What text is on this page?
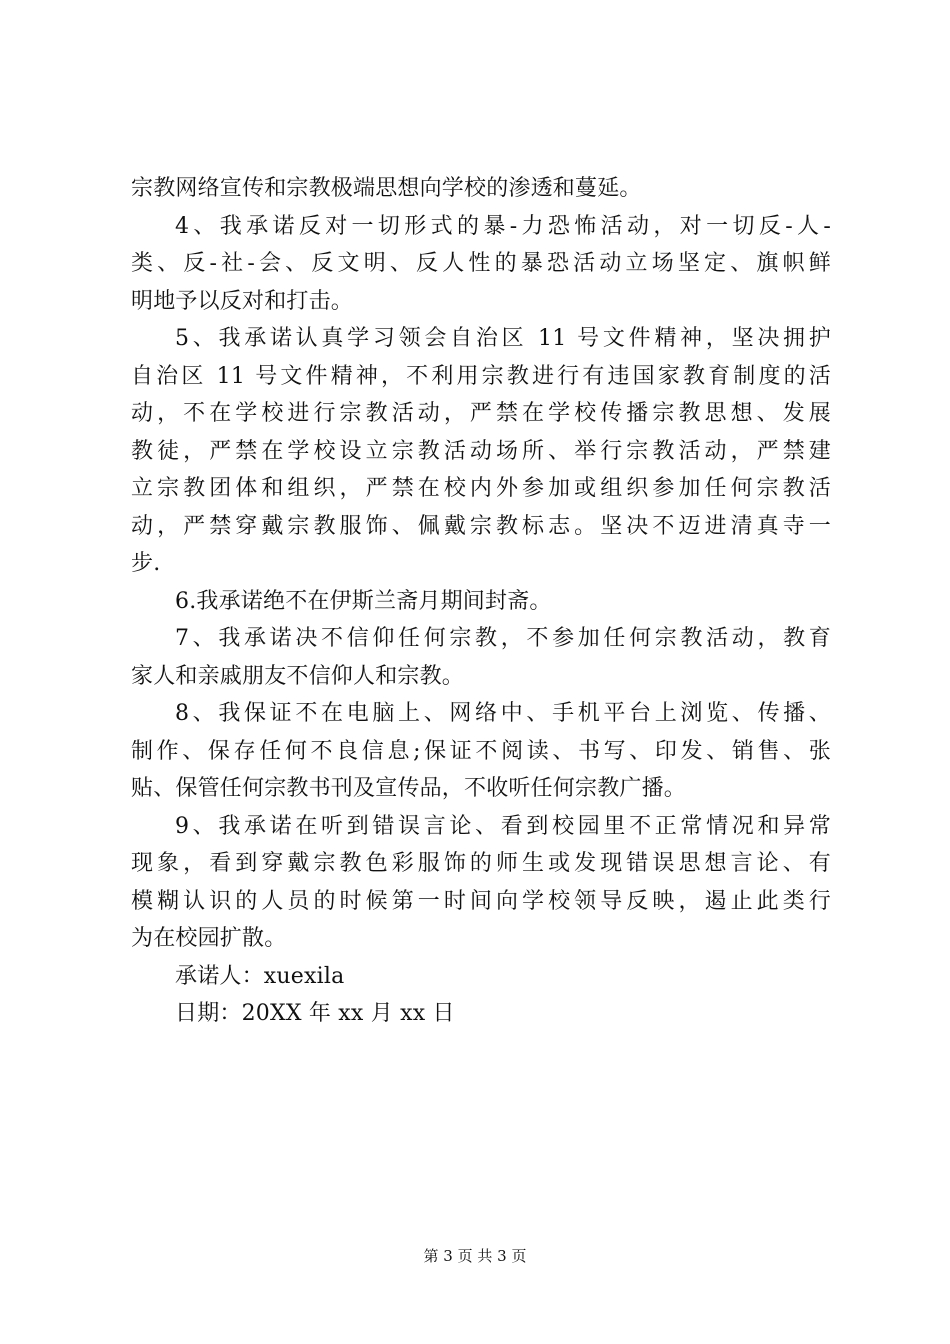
宗教网络宣传和宗教极端思想向学校的渗透和蔓延。
4、我承诺反对一切形式的暴-力恐怖活动，对一切反-人-
类、反-社-会、反文明、反人性的暴恐活动立场坚定、旗帜鲜
明地予以反对和打击。
5、我承诺认真学习领会自治区 11 号文件精神，坚决拥护
自治区 11 号文件精神，不利用宗教进行有违国家教育制度的活
动，不在学校进行宗教活动，严禁在学校传播宗教思想、发展
教徒，严禁在学校设立宗教活动场所、举行宗教活动，严禁建
立宗教团体和组织，严禁在校内外参加或组织参加任何宗教活
动，严禁穿戴宗教服饰、佩戴宗教标志。坚决不迈进清真寺一
步.
6.我承诺绝不在伊斯兰斋月期间封斋。
7、我承诺决不信仰任何宗教，不参加任何宗教活动，教育
家人和亲戚朋友不信仰人和宗教。
8、我保证不在电脑上、网络中、手机平台上浏览、传播、
制作、保存任何不良信息;保证不阅读、书写、印发、销售、张
贴、保管任何宗教书刊及宣传品，不收听任何宗教广播。
9、我承诺在听到错误言论、看到校园里不正常情况和异常
现象，看到穿戴宗教色彩服饰的师生或发现错误思想言论、有
模糊认识的人员的时候第一时间向学校领导反映，遏止此类行
为在校园扩散。
承诺人：xuexila
日期：20XX 年 xx 月 xx 日
第 3 页 共 3 页
